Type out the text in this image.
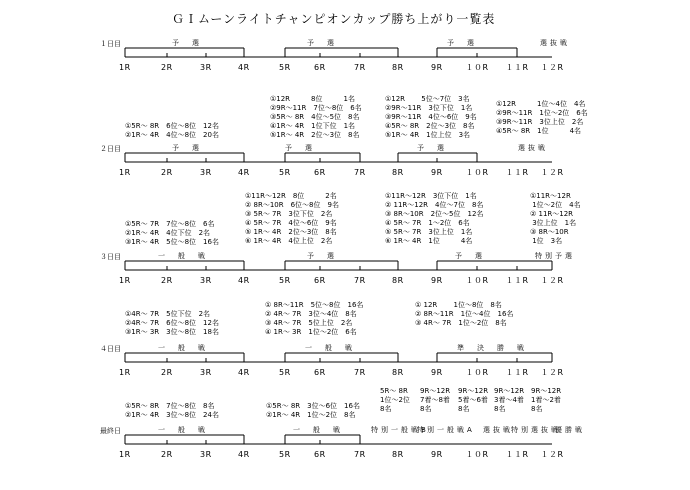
ＧＩムーンライトチャンピオンカップ勝ち上がり一覧表
１日目
1R	2R	3R	4R	5R	6R	7R	8R	9R	１０R １１R １２R
予　選	予　選	予　選	選抜戦
①5R～ 8R　6位～8位　12名
②1R～ 4R　4位～8位　20名
①12R　　　8位　　　1名
②9R～11R　7位～8位　6名
③5R～ 8R　4位～5位　8名
④1R～ 4R　1位下位　1名
⑤1R～ 4R　2位～3位　8名
①12R　　 5位～7位　3名
②9R～11R　3位下位　1名
③9R～11R　4位～6位　9名
④5R～ 8R　2位～3位　8名
⑤1R～ 4R　1位上位　3名
①12R　　　1位～4位　4名
②9R～11R　1位～2位　6名
③9R～11R　3位上位　2名
④5R～ 8R　1位　　　4名
２日目
1R	2R	3R	4R	5R	6R	7R	8R	9R	１０R １１R １２R
予　選	予　選	予　選	選抜戦
①5R～ 7R　7位～8位　6名
②1R～ 4R　4位下位　2名
③1R～ 4R　5位～8位　16名
①11R～12R　8位　　　2名
② 8R～10R　6位～8位　9名
③ 5R～ 7R　3位下位　2名
④ 5R～ 7R　4位～6位　9名
⑤ 1R～ 4R　2位～3位　8名
⑥ 1R～ 4R　4位上位　2名
①11R～12R　3位下位　1名
② 11R～12R　4位～7位　8名
③ 8R～10R　2位～5位　12名
④ 5R～ 7R　1～2位　6名
⑤ 5R～ 7R　3位上位　1名
⑥ 1R～ 4R　1位　　　4名
①11R～12R
1位～2位　4名
② 11R～12R
3位上位　1名
③ 8R～10R
1位　3名
３日目
1R	2R	3R	4R	5R	6R	7R	8R	9R	１０R １１R １２R
一　般　戦	予　選	予　選	特別予選
①4R～ 7R　5位下位　2名
②4R～ 7R　6位～8位　12名
③1R～ 3R　3位～8位　18名
① 8R～11R　5位～8位　16名
② 4R～ 7R　3位～4位　8名
③ 4R～ 7R　5位上位　2名
④ 1R～ 3R　1位～2位　6名
① 12R　　 1位～8位　8名
② 8R～11R　1位～4位　16名
③ 4R～ 7R　1位～2位　8名
４日目
1R	2R	3R	4R	5R	6R	7R	8R	9R	１０R １１R １２R
一　般　戦	一　般　戦	準　決　勝　戦
①5R～ 8R　7位～8位　8名
②1R～ 4R　3位～8位　24名
①5R～ 8R　3位～6位　16名
②1R～ 4R　1位～2位　8名
5R～ 8R
1位～2位
8名
9R～12R
7着～8着
8名
9R～12R
5着～6着
8名
9R～12R
3着～4着
8名
9R～12R
1着～2着
8名
最終日
1R	2R	3R	4R	5R	6R	7R	8R	9R	１０R １１R １２R
一　般　戦	一　般　戦	特別一般戦B
特別一般戦A 選抜戦
特別選抜戦
優勝戦
